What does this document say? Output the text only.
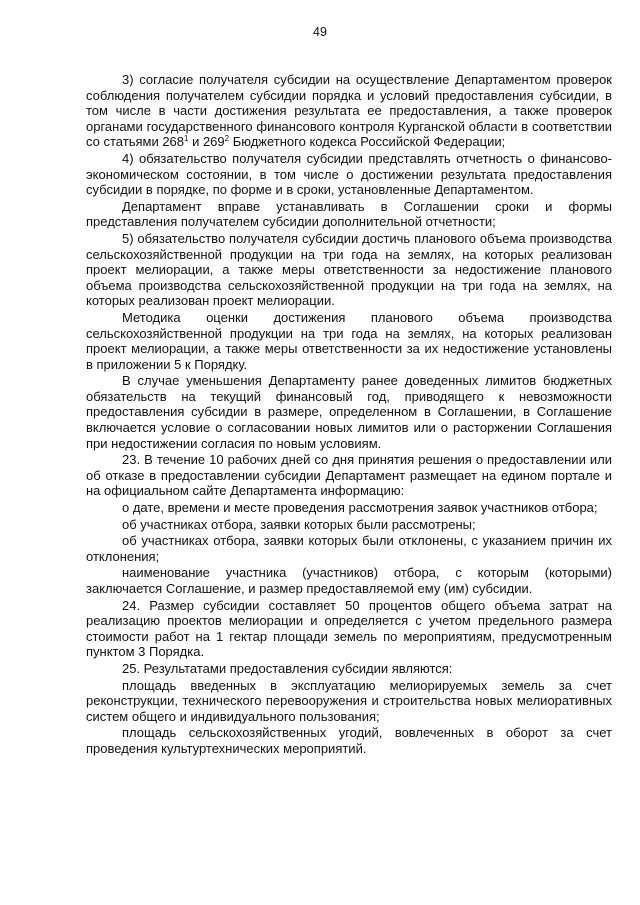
49

3) согласие получателя субсидии на осуществление Департаментом проверок соблюдения получателем субсидии порядка и условий предоставления субсидии, в том числе в части достижения результата ее предоставления, а также проверок органами государственного финансового контроля Курганской области в соответствии со статьями $268^1$ и $269^2$ Бюджетного кодекса Российской Федерации;

4) обязательство получателя субсидии представлять отчетность о финансово-экономическом состоянии, в том числе о достижении результата предоставления субсидии в порядке, по форме и в сроки, установленные Департаментом.

Департамент вправе устанавливать в Соглашении сроки и формы представления получателем субсидии дополнительной отчетности;

5) обязательство получателя субсидии достичь планового объема производства сельскохозяйственной продукции на три года на землях, на которых реализован проект мелиорации, а также меры ответственности за недостижение планового объема производства сельскохозяйственной продукции на три года на землях, на которых реализован проект мелиорации.

Методика оценки достижения планового объема производства сельскохозяйственной продукции на три года на землях, на которых реализован проект мелиорации, а также меры ответственности за их недостижение установлены в приложении 5 к Порядку.

В случае уменьшения Департаменту ранее доведенных лимитов бюджетных обязательств на текущий финансовый год, приводящего к невозможности предоставления субсидии в размере, определенном в Соглашении, в Соглашение включается условие о согласовании новых лимитов или о расторжении Соглашения при недостижении согласия по новым условиям.

23. В течение 10 рабочих дней со дня принятия решения о предоставлении или об отказе в предоставлении субсидии Департамент размещает на едином портале и на официальном сайте Департамента информацию:

о дате, времени и месте проведения рассмотрения заявок участников отбора;

об участниках отбора, заявки которых были рассмотрены;

об участниках отбора, заявки которых были отклонены, с указанием причин их отклонения;

наименование участника (участников) отбора, с которым (которыми) заключается Соглашение, и размер предоставляемой ему (им) субсидии.

24. Размер субсидии составляет 50 процентов общего объема затрат на реализацию проектов мелиорации и определяется с учетом предельного размера стоимости работ на 1 гектар площади земель по мероприятиям, предусмотренным пунктом 3 Порядка.

25. Результатами предоставления субсидии являются:

площадь введенных в эксплуатацию мелиорируемых земель за счет реконструкции, технического перевооружения и строительства новых мелиоративных систем общего и индивидуального пользования;

площадь сельскохозяйственных угодий, вовлеченных в оборот за счет проведения культуртехнических мероприятий.
